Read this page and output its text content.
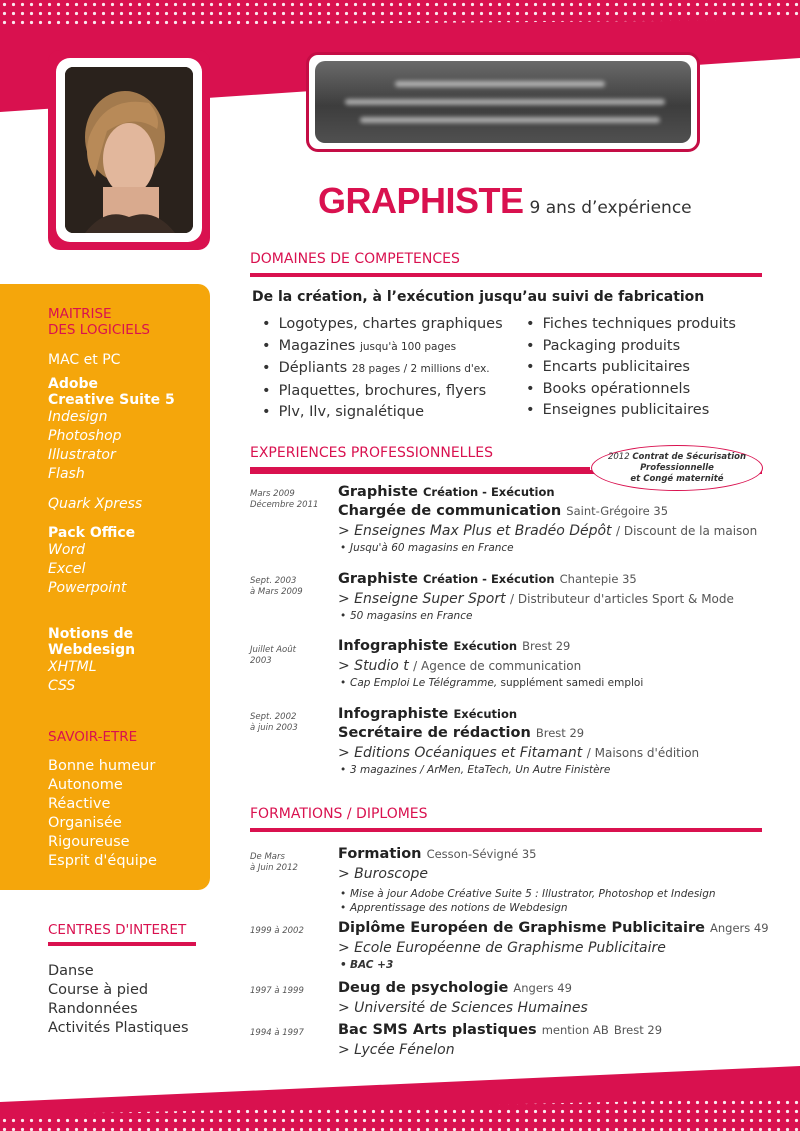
GRAPHISTE 9 ans d’expérience
DOMAINES DE COMPETENCES
De la création, à l’exécution jusqu’au suivi de fabrication
• Logotypes, chartes graphiques
• Magazines jusqu'à 100 pages
• Dépliants 28 pages / 2 millions d'ex.
• Plaquettes, brochures, flyers
• Plv, Ilv, signalétique
• Fiches techniques produits
• Packaging produits
• Encarts publicitaires
• Books opérationnels
• Enseignes publicitaires
EXPERIENCES PROFESSIONNELLES	2012 Contrat de Sécurisation
Professionnelle
et Congé maternité
Mars 2009
Décembre 2011
Graphiste Création - Exécution
Chargée de communication Saint-Grégoire 35
> Enseignes Max Plus et Bradéo Dépôt / Discount de la maison
• Jusqu'à 60 magasins en France
Sept. 2003
à Mars 2009
Graphiste Création - Exécution Chantepie 35
> Enseigne Super Sport / Distributeur d'articles Sport & Mode
• 50 magasins en France
Juillet Août
2003
Infographiste Exécution Brest 29
> Studio t / Agence de communication
• Cap Emploi Le Télégramme, supplément samedi emploi
Sept. 2002
à juin 2003
Infographiste Exécution
Secrétaire de rédaction Brest 29
> Editions Océaniques et Fitamant / Maisons d'édition
• 3 magazines / ArMen, EtaTech, Un Autre Finistère
FORMATIONS / DIPLOMES
De Mars
à Juin 2012
Formation Cesson-Sévigné 35
> Buroscope
• Mise à jour Adobe Créative Suite 5 : Illustrator, Photoshop et Indesign
• Apprentissage des notions de Webdesign
1999 à 2002 Diplôme Européen de Graphisme Publicitaire Angers 49
> Ecole Européenne de Graphisme Publicitaire
• BAC +3
1997 à 1999 Deug de psychologie Angers 49
> Université de Sciences Humaines
1994 à 1997 Bac SMS Arts plastiques mention AB Brest 29
> Lycée Fénelon
MAITRISE
DES LOGICIELS
MAC et PC
Adobe
Creative Suite 5
Indesign
Photoshop
Illustrator
Flash
Quark Xpress
Pack Office
Word
Excel
Powerpoint
Notions de
Webdesign
XHTML
CSS
SAVOIR-ETRE
Bonne humeur
Autonome
Réactive
Organisée
Rigoureuse
Esprit d'équipe
CENTRES D'INTERET
Danse
Course à pied
Randonnées
Activités Plastiques
